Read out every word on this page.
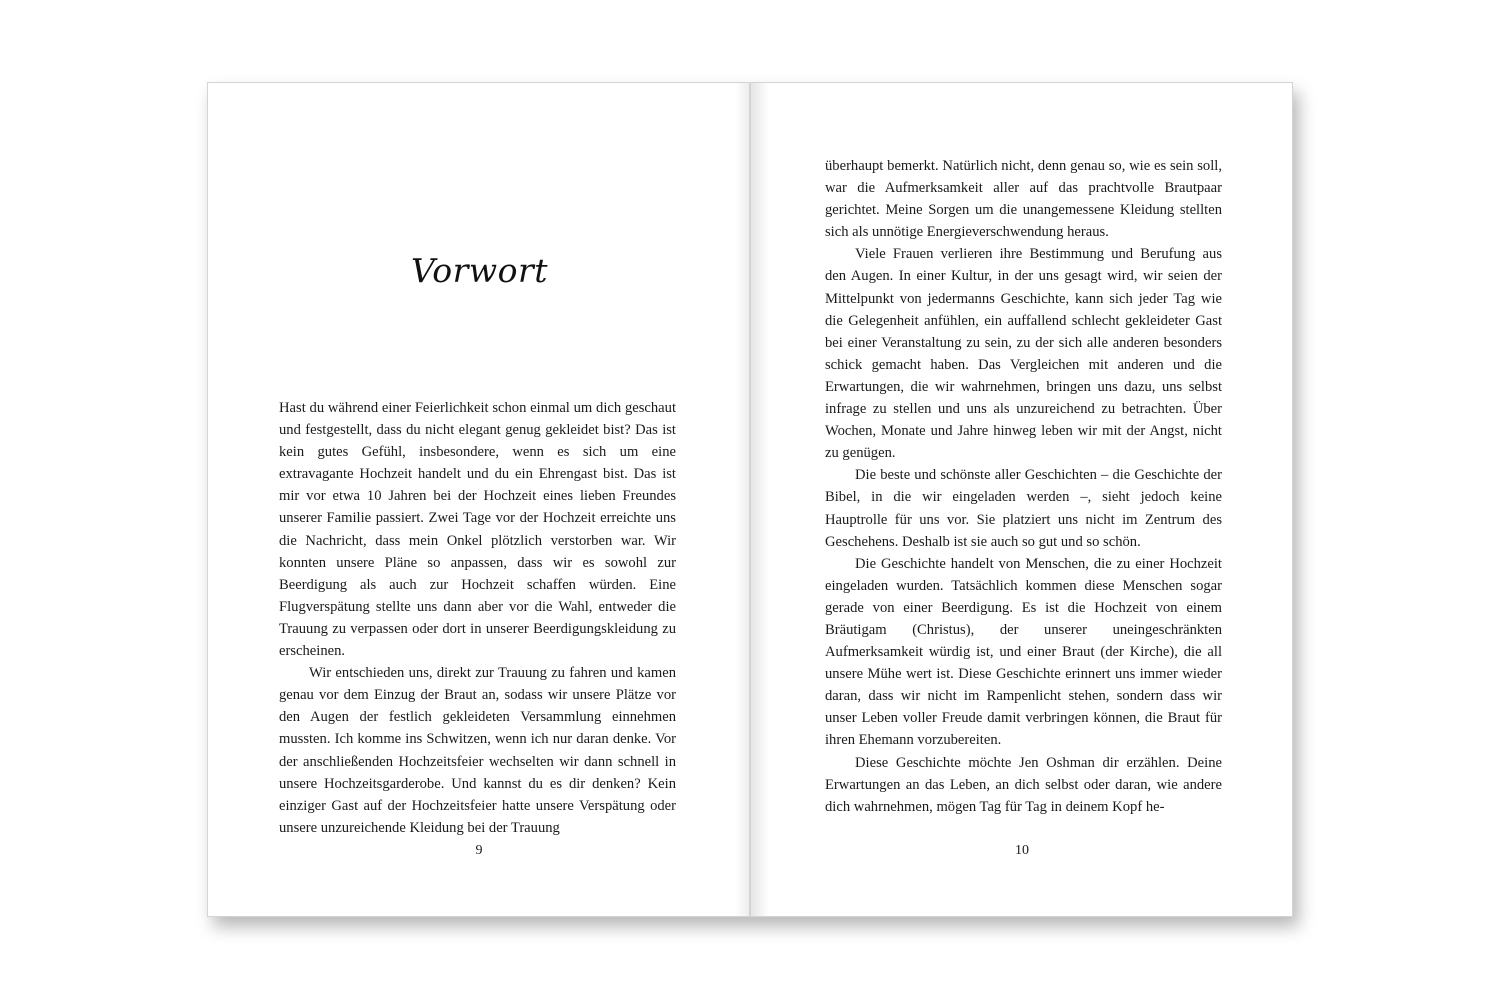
Vorwort

Hast du während einer Feierlichkeit schon einmal um dich geschaut und festgestellt, dass du nicht elegant genug gekleidet bist? Das ist kein gutes Gefühl, insbesondere, wenn es sich um eine extravagante Hochzeit handelt und du ein Ehrengast bist. Das ist mir vor etwa 10 Jahren bei der Hochzeit eines lieben Freundes unserer Familie passiert. Zwei Tage vor der Hochzeit erreichte uns die Nachricht, dass mein Onkel plötzlich verstorben war. Wir konnten unsere Pläne so anpassen, dass wir es sowohl zur Beerdigung als auch zur Hochzeit schaffen würden. Eine Flugverspätung stellte uns dann aber vor die Wahl, entweder die Trauung zu verpassen oder dort in unserer Beerdigungskleidung zu erscheinen.

Wir entschieden uns, direkt zur Trauung zu fahren und kamen genau vor dem Einzug der Braut an, sodass wir unsere Plätze vor den Augen der festlich gekleideten Versammlung einnehmen mussten. Ich komme ins Schwitzen, wenn ich nur daran denke. Vor der anschließenden Hochzeitsfeier wechselten wir dann schnell in unsere Hochzeitsgarderobe. Und kannst du es dir denken? Kein einziger Gast auf der Hochzeitsfeier hatte unsere Verspätung oder unsere unzureichende Kleidung bei der Trauung

9

überhaupt bemerkt. Natürlich nicht, denn genau so, wie es sein soll, war die Aufmerksamkeit aller auf das prachtvolle Brautpaar gerichtet. Meine Sorgen um die unangemessene Kleidung stellten sich als unnötige Energieverschwendung heraus.

Viele Frauen verlieren ihre Bestimmung und Berufung aus den Augen. In einer Kultur, in der uns gesagt wird, wir seien der Mittelpunkt von jedermanns Geschichte, kann sich jeder Tag wie die Gelegenheit anfühlen, ein auffallend schlecht gekleideter Gast bei einer Veranstaltung zu sein, zu der sich alle anderen besonders schick gemacht haben. Das Vergleichen mit anderen und die Erwartungen, die wir wahrnehmen, bringen uns dazu, uns selbst infrage zu stellen und uns als unzureichend zu betrachten. Über Wochen, Monate und Jahre hinweg leben wir mit der Angst, nicht zu genügen.

Die beste und schönste aller Geschichten – die Geschichte der Bibel, in die wir eingeladen werden –, sieht jedoch keine Hauptrolle für uns vor. Sie platziert uns nicht im Zentrum des Geschehens. Deshalb ist sie auch so gut und so schön.

Die Geschichte handelt von Menschen, die zu einer Hochzeit eingeladen wurden. Tatsächlich kommen diese Menschen sogar gerade von einer Beerdigung. Es ist die Hochzeit von einem Bräutigam (Christus), der unserer uneingeschränkten Aufmerksamkeit würdig ist, und einer Braut (der Kirche), die all unsere Mühe wert ist. Diese Geschichte erinnert uns immer wieder daran, dass wir nicht im Rampenlicht stehen, sondern dass wir unser Leben voller Freude damit verbringen können, die Braut für ihren Ehemann vorzubereiten.

Diese Geschichte möchte Jen Oshman dir erzählen. Deine Erwartungen an das Leben, an dich selbst oder daran, wie andere dich wahrnehmen, mögen Tag für Tag in deinem Kopf he-

10
